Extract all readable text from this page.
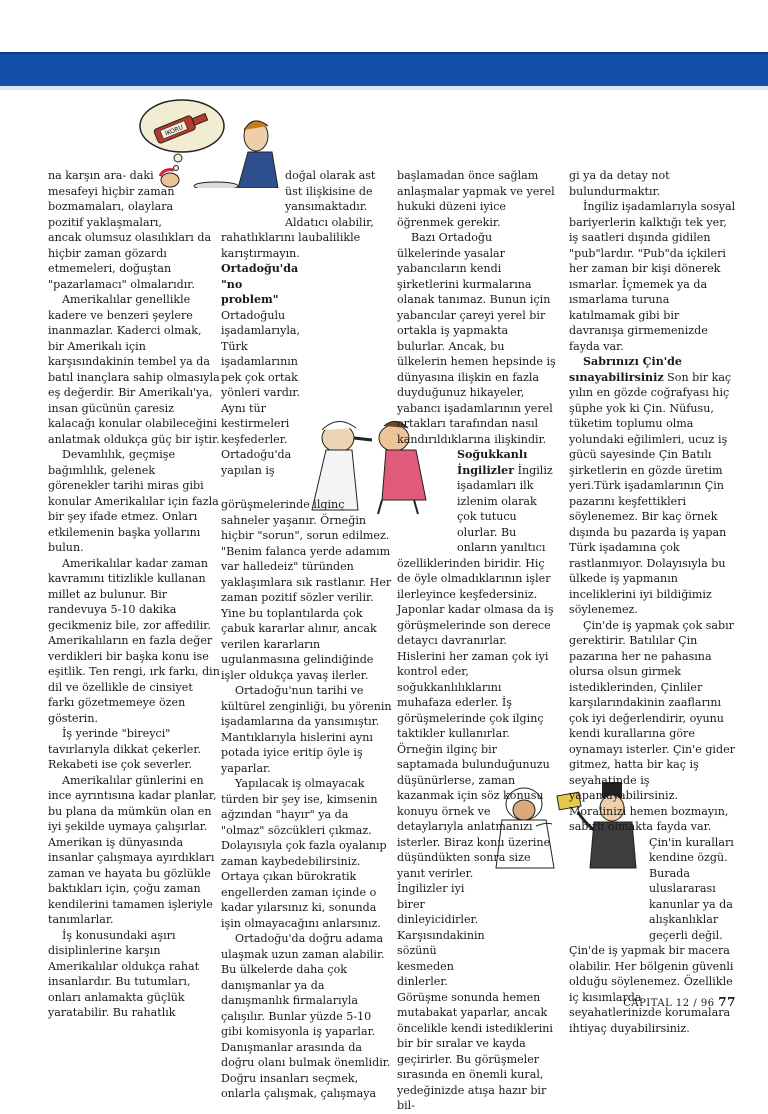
İKORU

na karşın ara- daki mesafeyi hiçbir zaman bozmamaları, olaylara pozitif yaklaşmaları, ancak olumsuz olasılıkları da hiçbir zaman gözardı etmemeleri, doğuştan "pazarlamacı" olmalarıdır.

Amerikalılar genellikle kadere ve benzeri şeylere inanmazlar. Kaderci olmak, bir Amerikalı için karşısındakinin tembel ya da batıl inançlara sahip olmasıyla eş değerdir. Bir Amerikalı'ya, insan gücünün çaresiz kalacağı konular olabileceğini anlatmak oldukça güç bir iştir.

Devamlılık, geçmişe bağımlılık, gelenek görenekler tarihi miras gibi konular Amerikalılar için fazla bir şey ifade etmez. Onları etkilemenin başka yollarını bulun.

Amerikalılar kadar zaman kavramını titizlikle kullanan millet az bulunur. Bir randevuya 5-10 dakika gecikmeniz bile, zor affedilir. Amerikalıların en fazla değer verdikleri bir başka konu ise eşitlik. Ten rengi, ırk farkı, din dil ve özellikle de cinsiyet farkı gözetmemeye özen gösterin.

İş yerinde "bireyci" tavırlarıyla dikkat çekerler. Rekabeti ise çok severler.

Amerikalılar günlerini en ince ayrıntısına kadar planlar, bu plana da mümkün olan en iyi şekilde uymaya çalışırlar. Amerikan iş dünyasında insanlar çalışmaya ayırdıkları zaman ve hayata bu gözlükle baktıkları için, çoğu zaman kendilerini tamamen işleriyle tanımlarlar.

İş konusundaki aşırı disiplinlerine karşın Amerikalılar oldukça rahat insanlardır. Bu tutumları, onları anlamakta güçlük yaratabilir. Bu rahatlık

doğal olarak ast üst ilişkisine de yansımaktadır. Aldatıcı olabilir, rahatlıklarını laubalilikle karıştırmayın.

Ortadoğu'da "no problem" Ortadoğulu işadamlarıyla, Türk işadamlarının pek çok ortak yönleri vardır. Aynı tür kestirmeleri keşfederler. Ortadoğu'da yapılan iş görüşmelerinde ilginç sahneler yaşanır. Örneğin hiçbir "sorun", sorun edilmez. "Benim falanca yerde adamım var halledeiz" türünden yaklaşımlara sık rastlanır. Her zaman pozitif sözler verilir. Yine bu toplantılarda çok çabuk kararlar alınır, ancak verilen kararların ugulanmasına gelindiğinde işler oldukça yavaş ilerler.

Ortadoğu'nun tarihi ve kültürel zenginliği, bu yörenin işadamlarına da yansımıştır. Mantıklarıyla hislerini aynı potada iyice eritip öyle iş yaparlar.

Yapılacak iş olmayacak türden bir şey ise, kimsenin ağzından "hayır" ya da "olmaz" sözcükleri çıkmaz. Dolayısıyla çok fazla oyalanıp zaman kaybedebilirsiniz. Ortaya çıkan bürokratik engellerden zaman içinde o kadar yılarsınız ki, sonunda işin olmayacağını anlarsınız.

Ortadoğu'da doğru adama ulaşmak uzun zaman alabilir. Bu ülkelerde daha çok danışmanlar ya da danışmanlık firmalarıyla çalışılır. Bunlar yüzde 5-10 gibi komisyonla iş yaparlar. Danışmanlar arasında da doğru olanı bulmak önemlidir. Doğru insanları seçmek, onlarla çalışmak, çalışmaya

başlamadan önce sağlam anlaşmalar yapmak ve yerel hukuki düzeni iyice öğrenmek gerekir.

Bazı Ortadoğu ülkelerinde yasalar yabancıların kendi şirketlerini kurmalarına olanak tanımaz. Bunun için yabancılar çareyi yerel bir ortakla iş yapmakta bulurlar. Ancak, bu ülkelerin hemen hepsinde iş dünyasına ilişkin en fazla duyduğunuz hikayeler, yabancı işadamlarının yerel ortakları tarafından nasıl kandırıldıklarına ilişkindir.

Soğukkanlı İngilizler İngiliz işadamları ilk izlenim olarak çok tutucu olurlar. Bu onların yanıltıcı özelliklerinden biridir. Hiç de öyle olmadıklarının işler ilerleyince keşfedersiniz. Japonlar kadar olmasa da iş görüşmelerinde son derece detaycı davranırlar. Hislerini her zaman çok iyi kontrol eder, soğukkanlılıklarını muhafaza ederler. İş görüşmelerinde çok ilginç taktikler kullanırlar. Örneğin ilginç bir saptamada bulunduğunuzu düşünürlerse, zaman kazanmak için söz konusu konuyu örnek ve detaylarıyla anlatmanızı isterler. Biraz konu üzerine düşündükten sonra size yanıt verirler.

İngilizler iyi birer dinleyicidirler. Karşısındakinin sözünü kesmeden dinlerler. Görüşme sonunda hemen mutabakat yaparlar, ancak öncelikle kendi istediklerini bir bir sıralar ve kayda geçirirler. Bu görüşmeler sırasında en önemli kural, yedeğinizde atışa hazır bir bil-

gi ya da detay not bulundurmaktır.

İngiliz işadamlarıyla sosyal bariyerlerin kalktığı tek yer, iş saatleri dışında gidilen "pub"lardır. "Pub"da içkileri her zaman bir kişi dönerek ısmarlar. İçmemek ya da ısmarlama turuna katılmamak gibi bir davranışa girmemenizde fayda var.

Sabrınızı Çin'de sınayabilirsiniz Son bir kaç yılın en gözde coğrafyası hiç şüphe yok ki Çin. Nüfusu, tüketim toplumu olma yolundaki eğilimleri, ucuz iş gücü sayesinde Çin Batılı şirketlerin en gözde üretim yeri.Türk işadamlarının Çin pazarını keşfettikleri söylenemez. Bir kaç örnek dışında bu pazarda iş yapan Türk işadamına çok rastlanmıyor. Dolayısıyla bu ülkede iş yapmanın inceliklerini iyi bildiğimiz söylenemez.

Çin'de iş yapmak çok sabır gerektirir. Batılılar Çin pazarına her ne pahasına olursa olsun girmek istediklerinden, Çinliler karşılarındakinin zaaflarını çok iyi değerlendirir, oyunu kendi kurallarına göre oynamayı isterler. Çin'e gider gitmez, hatta bir kaç iş seyahatinde iş yapamayabilirsiniz. Moralinizi hemen bozmayın, sabırlı olmakta fayda var.

Çin'in kuralları kendine özgü. Burada uluslararası kanunlar ya da alışkanlıklar geçerli değil. Çin'de iş yapmak bir macera olabilir. Her bölgenin güvenli olduğu söylenemez. Özellikle iç kısımlarda seyahatlerinizde korumalara ihtiyaç duyabilirsiniz.

CAPITAL 12 / 96 77
